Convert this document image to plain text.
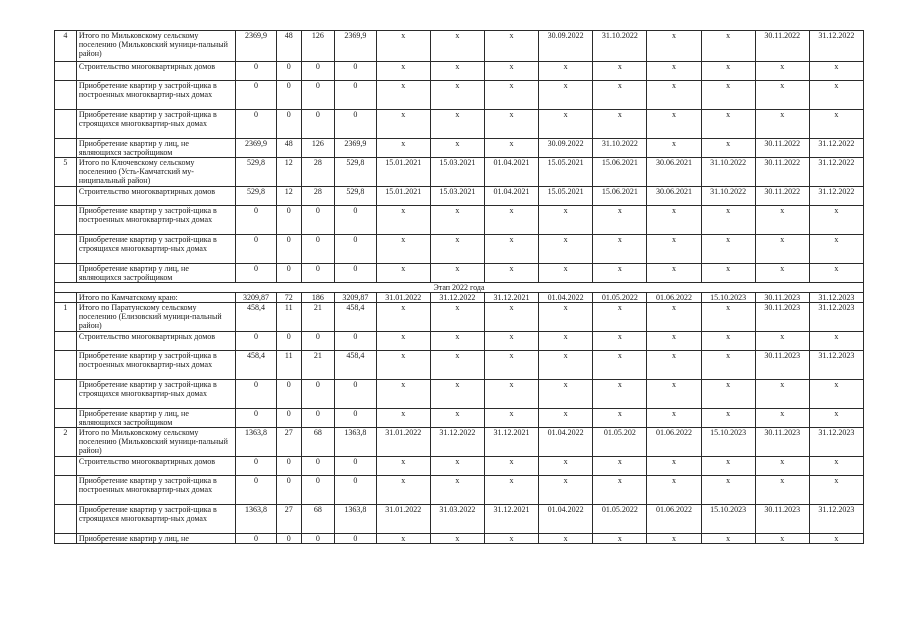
4	Итого по Мильковскому сельскому поселению (Мильковский муници-пальный район)	2369,9	48	126	2369,9	x	x	x	30.09.2022	31.10.2022	x	x	30.11.2022	31.12.2022
	Строительство многоквартирных домов	0	0	0	0	x	x	x	x	x	x	x	x	x
	Приобретение квартир у застрой-щика в построенных многоквартир-ных домах	0	0	0	0	x	x	x	x	x	x	x	x	x
	Приобретение квартир у застрой-щика в строящихся многоквартир-ных домах	0	0	0	0	x	x	x	x	x	x	x	x	x
	Приобретение квартир у лиц, не являющихся застройщиком	2369,9	48	126	2369,9	x	x	x	30.09.2022	31.10.2022	x	x	30.11.2022	31.12.2022
5	Итого по Ключевскому сельскому поселению (Усть-Камчатский му-ниципальный район)	529,8	12	28	529,8	15.01.2021	15.03.2021	01.04.2021	15.05.2021	15.06.2021	30.06.2021	31.10.2022	30.11.2022	31.12.2022
	Строительство многоквартирных домов	529,8	12	28	529,8	15.01.2021	15.03.2021	01.04.2021	15.05.2021	15.06.2021	30.06.2021	31.10.2022	30.11.2022	31.12.2022
	Приобретение квартир у застрой-щика в построенных многоквартир-ных домах	0	0	0	0	x	x	x	x	x	x	x	x	x
	Приобретение квартир у застрой-щика в строящихся многоквартир-ных домах	0	0	0	0	x	x	x	x	x	x	x	x	x
	Приобретение квартир у лиц, не являющихся застройщиком	0	0	0	0	x	x	x	x	x	x	x	x	x
Этап 2022 года														
	Итого по Камчатскому краю:	3209,87	72	186	3209,87	31.01.2022	31.12.2022	31.12.2021	01.04.2022	01.05.2022	01.06.2022	15.10.2023	30.11.2023	31.12.2023
1	Итого по Паратунскому сельскому поселению (Елизовский муници-пальный район)	458,4	11	21	458,4	x	x	x	x	x	x	x	30.11.2023	31.12.2023
	Строительство многоквартирных домов	0	0	0	0	x	x	x	x	x	x	x	x	x
	Приобретение квартир у застрой-щика в построенных многоквартир-ных домах	458,4	11	21	458,4	x	x	x	x	x	x	x	30.11.2023	31.12.2023
	Приобретение квартир у застрой-щика в строящихся многоквартир-ных домах	0	0	0	0	x	x	x	x	x	x	x	x	x
	Приобретение квартир у лиц, не являющихся застройщиком	0	0	0	0	x	x	x	x	x	x	x	x	x
2	Итого по Мильковскому сельскому поселению (Мильковский муници-пальный район)	1363,8	27	68	1363,8	31.01.2022	31.12.2022	31.12.2021	01.04.2022	01.05.202	01.06.2022	15.10.2023	30.11.2023	31.12.2023
	Строительство многоквартирных домов	0	0	0	0	x	x	x	x	x	x	x	x	x
	Приобретение квартир у застрой-щика в построенных многоквартир-ных домах	0	0	0	0	x	x	x	x	x	x	x	x	x
	Приобретение квартир у застрой-щика в строящихся многоквартир-ных домах	1363,8	27	68	1363,8	31.01.2022	31.03.2022	31.12.2021	01.04.2022	01.05.2022	01.06.2022	15.10.2023	30.11.2023	31.12.2023
	Приобретение квартир у лиц, не	0	0	0	0	x	x	x	x	x	x	x	x	x
